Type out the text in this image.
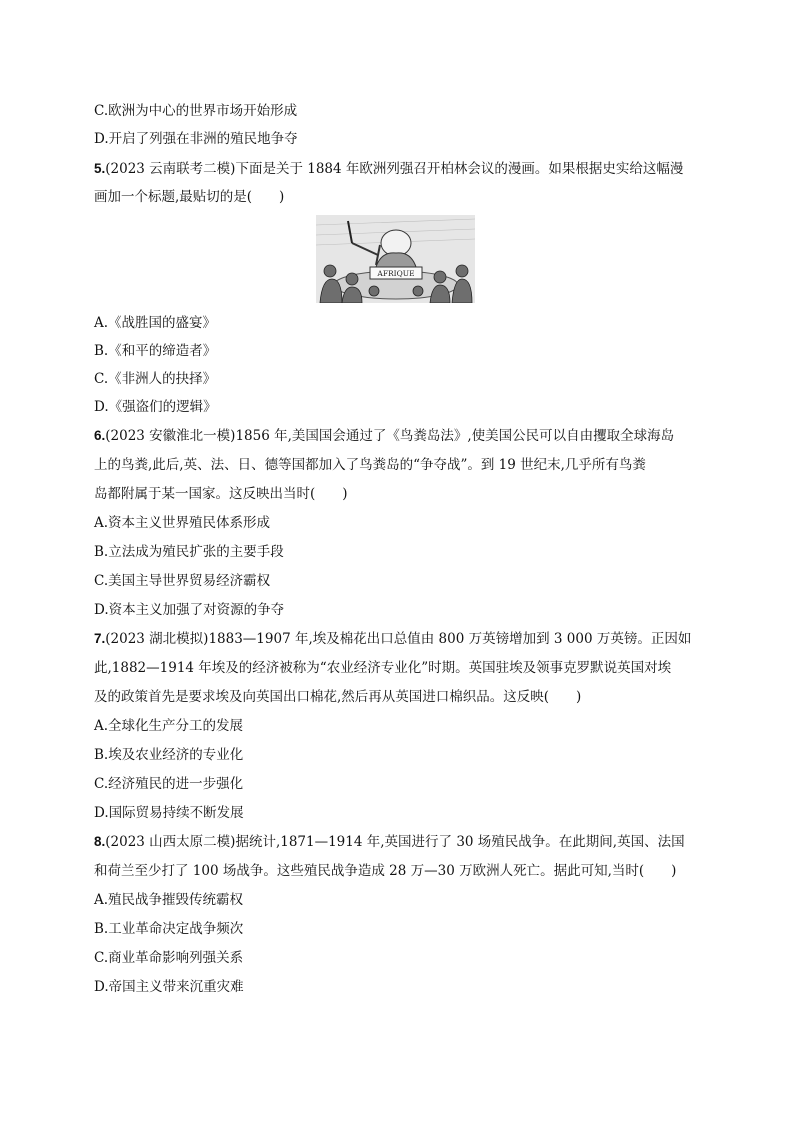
C.欧洲为中心的世界市场开始形成
D.开启了列强在非洲的殖民地争夺
5.(2023 云南联考二模)下面是关于 1884 年欧洲列强召开柏林会议的漫画。如果根据史实给这幅漫
画加一个标题,最贴切的是(　　)
AFRIQUE
A.《战胜国的盛宴》
B.《和平的缔造者》
C.《非洲人的抉择》
D.《强盗们的逻辑》
6.(2023 安徽淮北一模)1856 年,美国国会通过了《鸟粪岛法》,使美国公民可以自由攫取全球海岛
上的鸟粪,此后,英、法、日、德等国都加入了鸟粪岛的“争夺战”。到 19 世纪末,几乎所有鸟粪
岛都附属于某一国家。这反映出当时(　　)
A.资本主义世界殖民体系形成
B.立法成为殖民扩张的主要手段
C.美国主导世界贸易经济霸权
D.资本主义加强了对资源的争夺
7.(2023 湖北模拟)1883—1907 年,埃及棉花出口总值由 800 万英镑增加到 3 000 万英镑。正因如
此,1882—1914 年埃及的经济被称为“农业经济专业化”时期。英国驻埃及领事克罗默说英国对埃
及的政策首先是要求埃及向英国出口棉花,然后再从英国进口棉织品。这反映(　　)
A.全球化生产分工的发展
B.埃及农业经济的专业化
C.经济殖民的进一步强化
D.国际贸易持续不断发展
8.(2023 山西太原二模)据统计,1871—1914 年,英国进行了 30 场殖民战争。在此期间,英国、法国
和荷兰至少打了 100 场战争。这些殖民战争造成 28 万—30 万欧洲人死亡。据此可知,当时(　　)
A.殖民战争摧毁传统霸权
B.工业革命决定战争频次
C.商业革命影响列强关系
D.帝国主义带来沉重灾难
